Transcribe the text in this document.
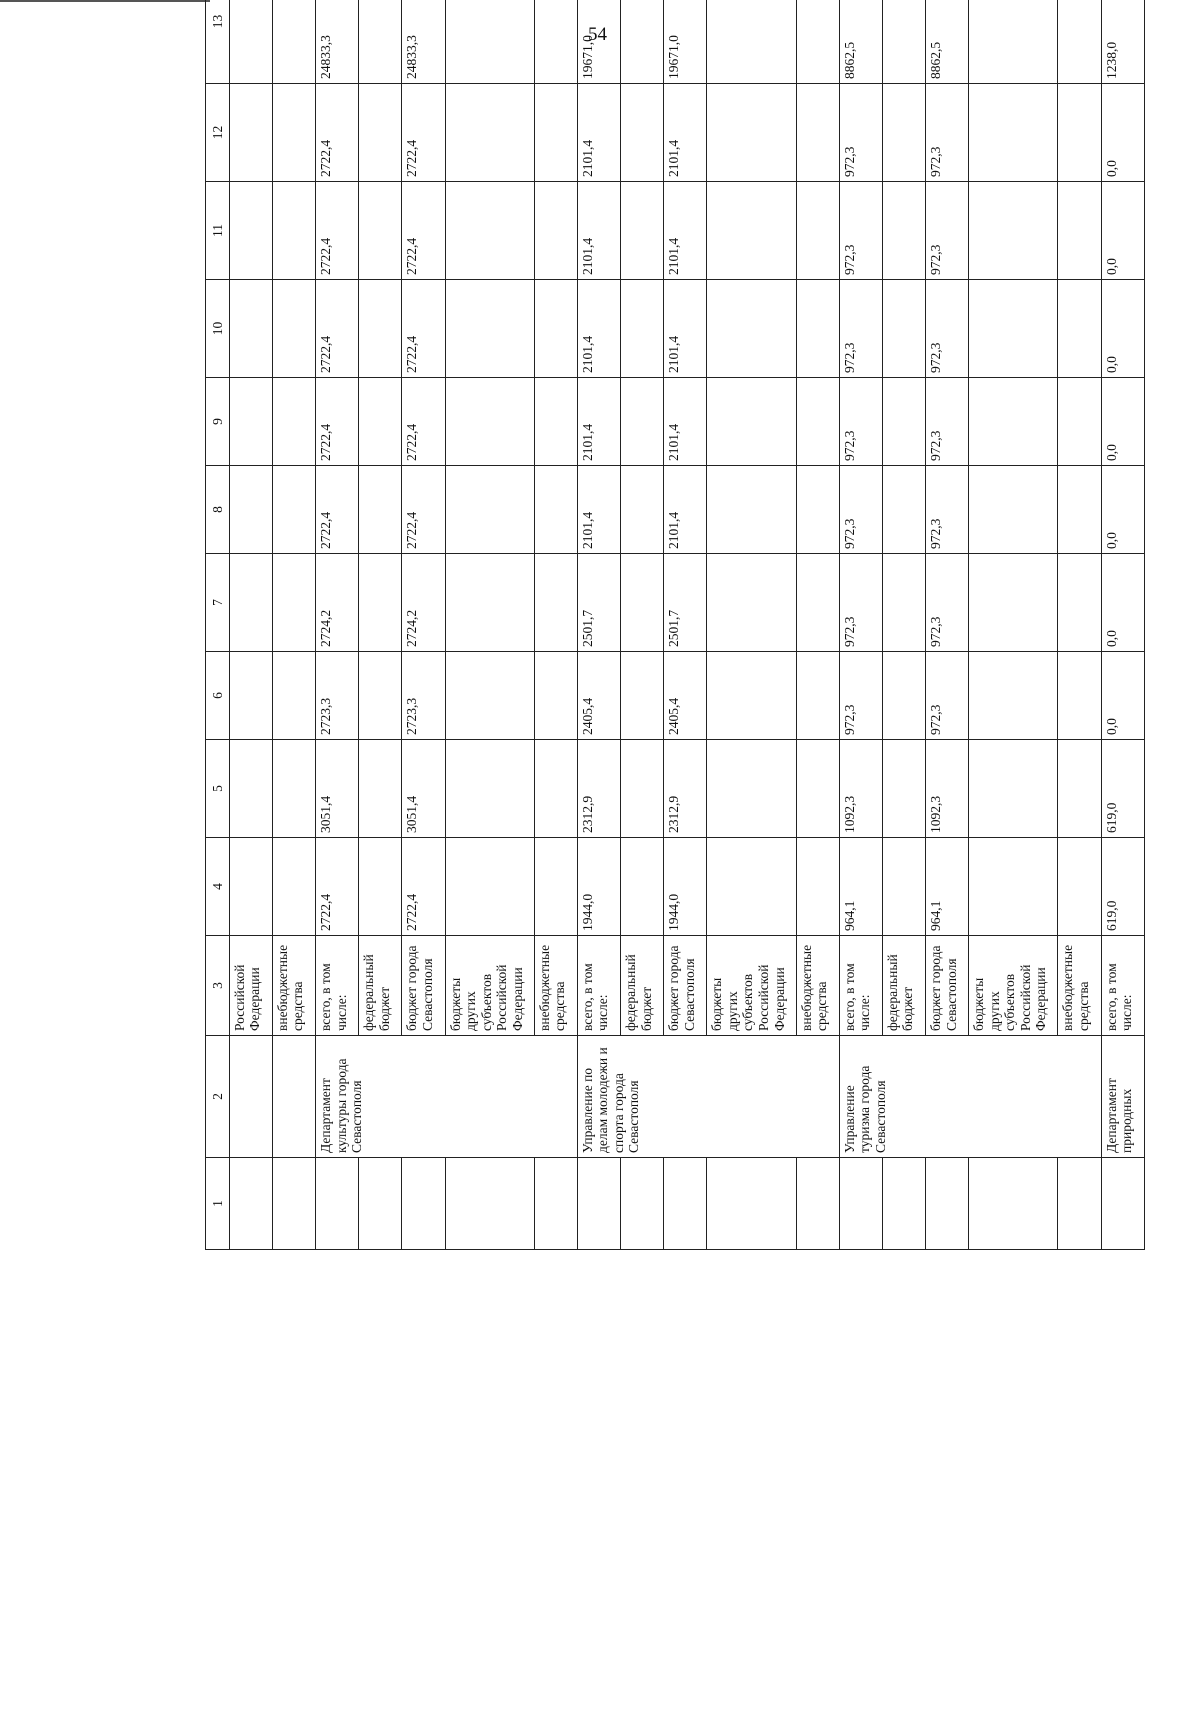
54
1	2	3	4	5	6	7	8	9	10	11	12	13
		Российской Федерации										
		внебюджетные средства										
	Департамент культуры города Севастополя	всего, в том числе:	2722,4	3051,4	2723,3	2724,2	2722,4	2722,4	2722,4	2722,4	2722,4	24833,3
		федеральный бюджет										
		бюджет города Севастополя	2722,4	3051,4	2723,3	2724,2	2722,4	2722,4	2722,4	2722,4	2722,4	24833,3
		бюджеты других субъектов Российской Федерации										
		внебюджетные средства										
	Управление по делам молодежи и спорта города Севастополя	всего, в том числе:	1944,0	2312,9	2405,4	2501,7	2101,4	2101,4	2101,4	2101,4	2101,4	19671,0
		федеральный бюджет										
		бюджет города Севастополя	1944,0	2312,9	2405,4	2501,7	2101,4	2101,4	2101,4	2101,4	2101,4	19671,0
		бюджеты других субъектов Российской Федерации										
		внебюджетные средства										
	Управление туризма города Севастополя	всего, в том числе:	964,1	1092,3	972,3	972,3	972,3	972,3	972,3	972,3	972,3	8862,5
		федеральный бюджет										
		бюджет города Севастополя	964,1	1092,3	972,3	972,3	972,3	972,3	972,3	972,3	972,3	8862,5
		бюджеты других субъектов Российской Федерации										
		внебюджетные средства										
	Департамент природных	всего, в том числе:	619,0	619,0	0,0	0,0	0,0	0,0	0,0	0,0	0,0	1238,0
